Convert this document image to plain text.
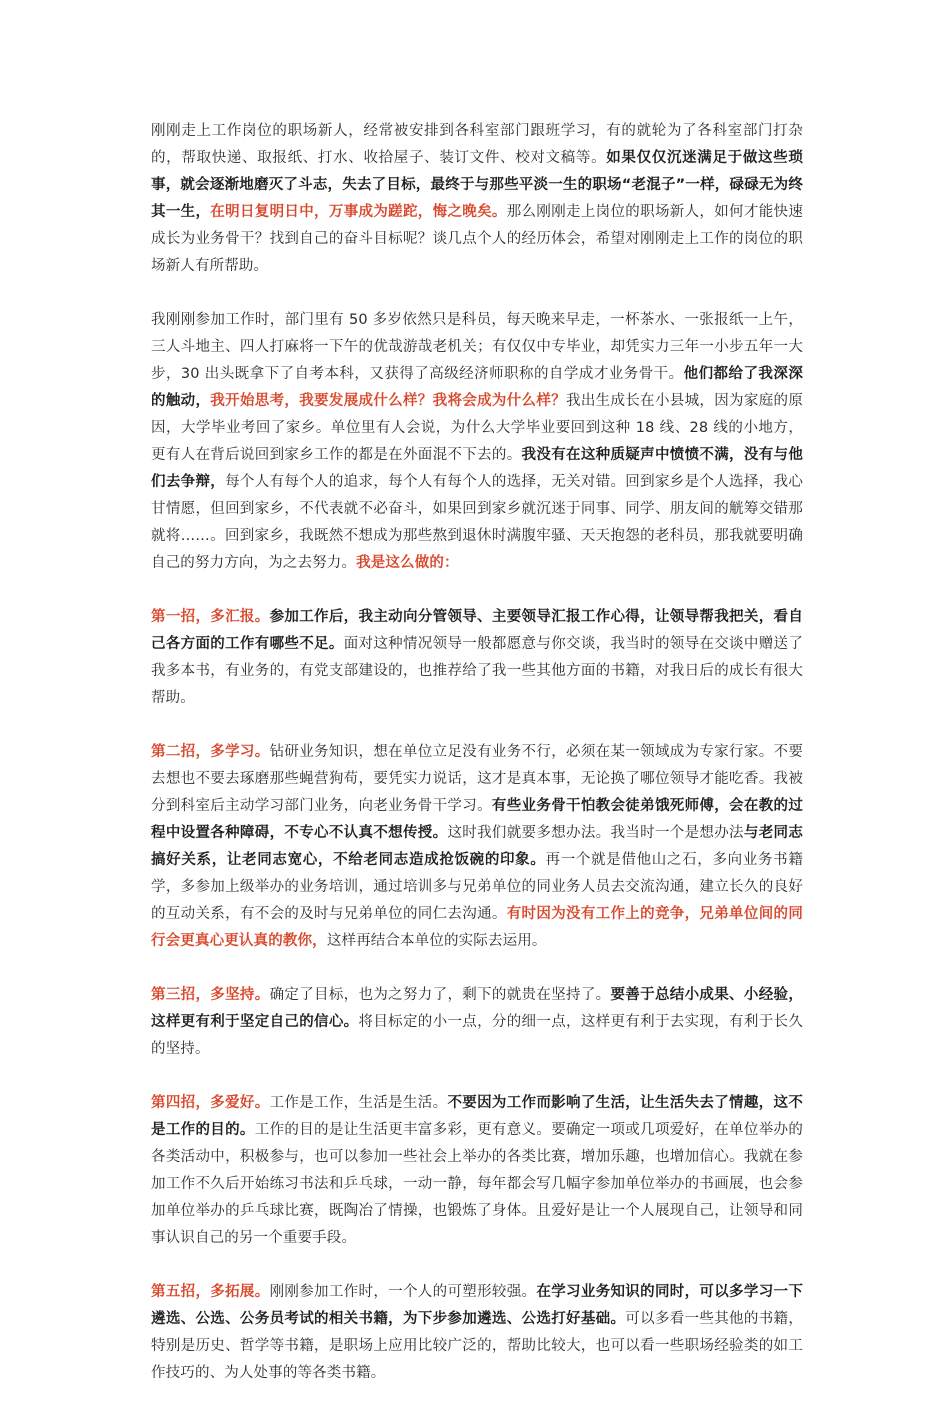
刚刚走上工作岗位的职场新人，经常被安排到各科室部门跟班学习，有的就轮为了各科室部门打杂的，帮取快递、取报纸、打水、收拾屋子、装订文件、校对文稿等。如果仅仅沉迷满足于做这些琐事，就会逐渐地磨灭了斗志，失去了目标，最终于与那些平淡一生的职场“老混子”一样，碌碌无为终其一生，在明日复明日中，万事成为蹉跎，悔之晚矣。那么刚刚走上岗位的职场新人，如何才能快速成长为业务骨干？找到自己的奋斗目标呢？谈几点个人的经历体会，希望对刚刚走上工作的岗位的职场新人有所帮助。

我刚刚参加工作时，部门里有 50 多岁依然只是科员，每天晚来早走，一杯茶水、一张报纸一上午，三人斗地主、四人打麻将一下午的优哉游哉老机关；有仅仅中专毕业，却凭实力三年一小步五年一大步，30 出头既拿下了自考本科，又获得了高级经济师职称的自学成才业务骨干。他们都给了我深深的触动，我开始思考，我要发展成什么样？我将会成为什么样？我出生成长在小县城，因为家庭的原因，大学毕业考回了家乡。单位里有人会说，为什么大学毕业要回到这种 18 线、28 线的小地方，更有人在背后说回到家乡工作的都是在外面混不下去的。我没有在这种质疑声中愤愤不满，没有与他们去争辩，每个人有每个人的追求，每个人有每个人的选择，无关对错。回到家乡是个人选择，我心甘情愿，但回到家乡，不代表就不必奋斗，如果回到家乡就沉迷于同事、同学、朋友间的觥筹交错那就将……。回到家乡，我既然不想成为那些熬到退休时满腹牢骚、天天抱怨的老科员，那我就要明确自己的努力方向，为之去努力。我是这么做的：

第一招，多汇报。参加工作后，我主动向分管领导、主要领导汇报工作心得，让领导帮我把关，看自己各方面的工作有哪些不足。面对这种情况领导一般都愿意与你交谈，我当时的领导在交谈中赠送了我多本书，有业务的，有党支部建设的，也推荐给了我一些其他方面的书籍，对我日后的成长有很大帮助。

第二招，多学习。钻研业务知识，想在单位立足没有业务不行，必须在某一领域成为专家行家。不要去想也不要去琢磨那些蝇营狗苟，要凭实力说话，这才是真本事，无论换了哪位领导才能吃香。我被分到科室后主动学习部门业务，向老业务骨干学习。有些业务骨干怕教会徒弟饿死师傅，会在教的过程中设置各种障碍，不专心不认真不想传授。这时我们就要多想办法。我当时一个是想办法与老同志搞好关系，让老同志宽心，不给老同志造成抢饭碗的印象。再一个就是借他山之石，多向业务书籍学，多参加上级举办的业务培训，通过培训多与兄弟单位的同业务人员去交流沟通，建立长久的良好的互动关系，有不会的及时与兄弟单位的同仁去沟通。有时因为没有工作上的竞争，兄弟单位间的同行会更真心更认真的教你，这样再结合本单位的实际去运用。

第三招，多坚持。确定了目标，也为之努力了，剩下的就贵在坚持了。要善于总结小成果、小经验，这样更有利于坚定自己的信心。将目标定的小一点，分的细一点，这样更有利于去实现，有利于长久的坚持。

第四招，多爱好。工作是工作，生活是生活。不要因为工作而影响了生活，让生活失去了情趣，这不是工作的目的。工作的目的是让生活更丰富多彩，更有意义。要确定一项或几项爱好，在单位举办的各类活动中，积极参与，也可以参加一些社会上举办的各类比赛，增加乐趣，也增加信心。我就在参加工作不久后开始练习书法和乒乓球，一动一静，每年都会写几幅字参加单位举办的书画展，也会参加单位举办的乒乓球比赛，既陶冶了情操，也锻炼了身体。且爱好是让一个人展现自己，让领导和同事认识自己的另一个重要手段。

第五招，多拓展。刚刚参加工作时，一个人的可塑形较强。在学习业务知识的同时，可以多学习一下遴选、公选、公务员考试的相关书籍，为下步参加遴选、公选打好基础。可以多看一些其他的书籍，特别是历史、哲学等书籍，是职场上应用比较广泛的，帮助比较大，也可以看一些职场经验类的如工作技巧的、为人处事的等各类书籍。
